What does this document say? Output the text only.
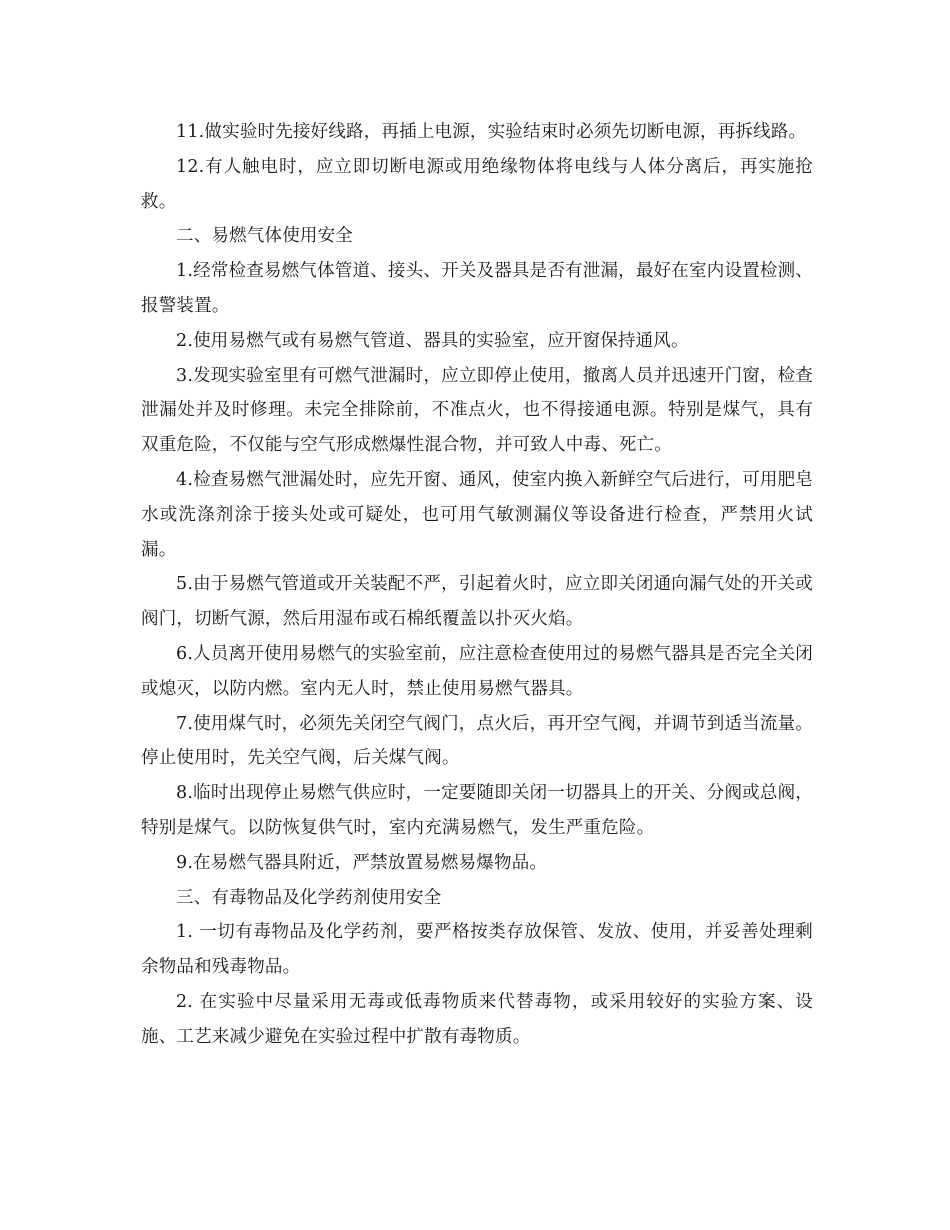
11.做实验时先接好线路，再插上电源，实验结束时必须先切断电源，再拆线路。

12.有人触电时，应立即切断电源或用绝缘物体将电线与人体分离后，再实施抢救。

二、易燃气体使用安全

1.经常检查易燃气体管道、接头、开关及器具是否有泄漏，最好在室内设置检测、报警装置。

2.使用易燃气或有易燃气管道、器具的实验室，应开窗保持通风。

3.发现实验室里有可燃气泄漏时，应立即停止使用，撤离人员并迅速开门窗，检查泄漏处并及时修理。未完全排除前，不准点火，也不得接通电源。特别是煤气，具有双重危险，不仅能与空气形成燃爆性混合物，并可致人中毒、死亡。

4.检查易燃气泄漏处时，应先开窗、通风，使室内换入新鲜空气后进行，可用肥皂水或洗涤剂涂于接头处或可疑处，也可用气敏测漏仪等设备进行检查，严禁用火试漏。

5.由于易燃气管道或开关装配不严，引起着火时，应立即关闭通向漏气处的开关或阀门，切断气源，然后用湿布或石棉纸覆盖以扑灭火焰。

6.人员离开使用易燃气的实验室前，应注意检查使用过的易燃气器具是否完全关闭或熄灭，以防内燃。室内无人时，禁止使用易燃气器具。

7.使用煤气时，必须先关闭空气阀门，点火后，再开空气阀，并调节到适当流量。停止使用时，先关空气阀，后关煤气阀。

8.临时出现停止易燃气供应时，一定要随即关闭一切器具上的开关、分阀或总阀，特别是煤气。以防恢复供气时，室内充满易燃气，发生严重危险。

9.在易燃气器具附近，严禁放置易燃易爆物品。

三、有毒物品及化学药剂使用安全

1. 一切有毒物品及化学药剂，要严格按类存放保管、发放、使用，并妥善处理剩余物品和残毒物品。

2. 在实验中尽量采用无毒或低毒物质来代替毒物，或采用较好的实验方案、设施、工艺来减少避免在实验过程中扩散有毒物质。
